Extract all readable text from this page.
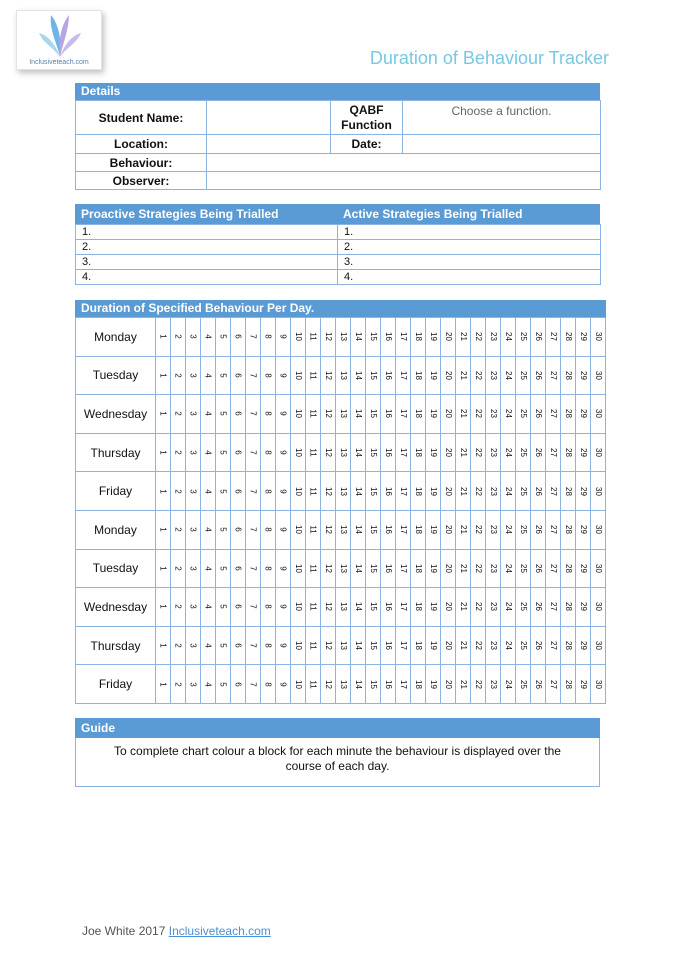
Inclusiveteach.com	Duration of Behaviour Tracker
Details
Student Name:		QABF Function	Choose a function.
Location:		Date:	
Behaviour:			
Observer:			
Proactive Strategies Being Trialled	Active Strategies Being Trialled
1.	1.
2.	2.
3.	3.
4.	4.
Duration of Specified Behaviour Per Day.
Monday	1	2	3	4	5	6	7	8	9	10	11	12	13	14	15	16	17	18	19	20	21	22	23	24	25	26	27	28	29	30
Tuesday	1	2	3	4	5	6	7	8	9	10	11	12	13	14	15	16	17	18	19	20	21	22	23	24	25	26	27	28	29	30
Wednesday	1	2	3	4	5	6	7	8	9	10	11	12	13	14	15	16	17	18	19	20	21	22	23	24	25	26	27	28	29	30
Thursday	1	2	3	4	5	6	7	8	9	10	11	12	13	14	15	16	17	18	19	20	21	22	23	24	25	26	27	28	29	30
Friday	1	2	3	4	5	6	7	8	9	10	11	12	13	14	15	16	17	18	19	20	21	22	23	24	25	26	27	28	29	30
Monday	1	2	3	4	5	6	7	8	9	10	11	12	13	14	15	16	17	18	19	20	21	22	23	24	25	26	27	28	29	30
Tuesday	1	2	3	4	5	6	7	8	9	10	11	12	13	14	15	16	17	18	19	20	21	22	23	24	25	26	27	28	29	30
Wednesday	1	2	3	4	5	6	7	8	9	10	11	12	13	14	15	16	17	18	19	20	21	22	23	24	25	26	27	28	29	30
Thursday	1	2	3	4	5	6	7	8	9	10	11	12	13	14	15	16	17	18	19	20	21	22	23	24	25	26	27	28	29	30
Friday	1	2	3	4	5	6	7	8	9	10	11	12	13	14	15	16	17	18	19	20	21	22	23	24	25	26	27	28	29	30
Guide
To complete chart colour a block for each minute the behaviour is displayed over the course of each day.
Joe White 2017 Inclusiveteach.com
